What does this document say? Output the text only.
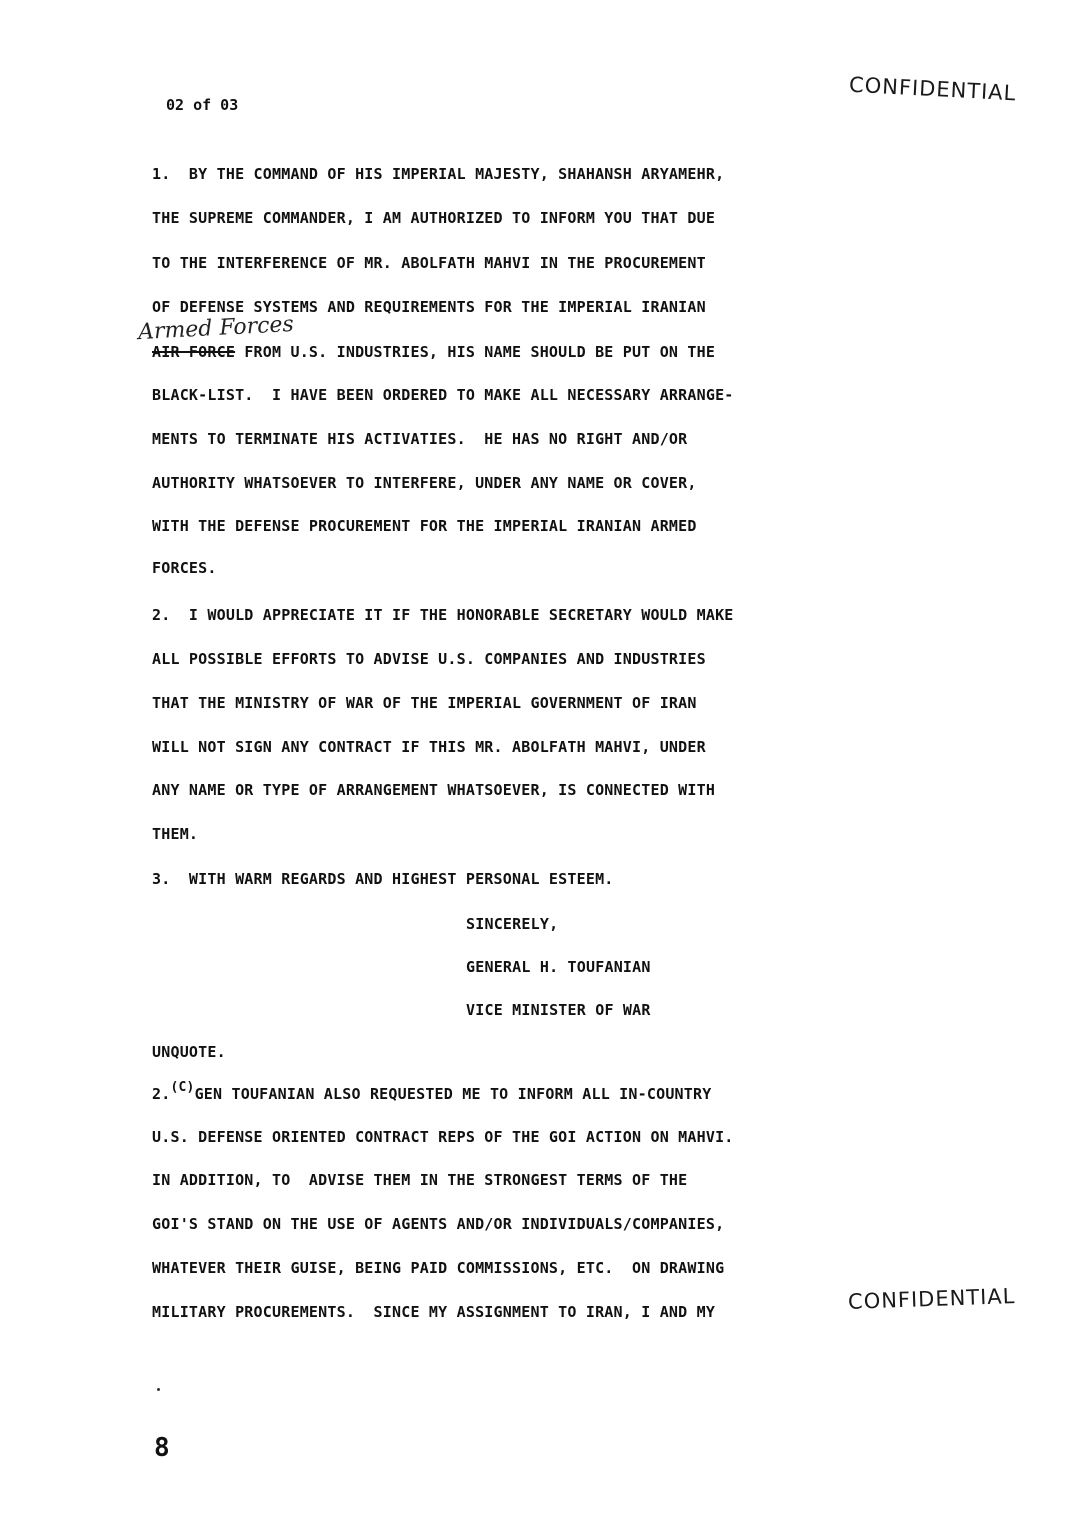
02 of 03	CONFIDENTIAL
1.  BY THE COMMAND OF HIS IMPERIAL MAJESTY, SHAHANSH ARYAMEHR,
THE SUPREME COMMANDER, I AM AUTHORIZED TO INFORM YOU THAT DUE
TO THE INTERFERENCE OF MR. ABOLFATH MAHVI IN THE PROCUREMENT
OF DEFENSE SYSTEMS AND REQUIREMENTS FOR THE IMPERIAL IRANIAN
Armed Forces
AIR FORCE FROM U.S. INDUSTRIES, HIS NAME SHOULD BE PUT ON THE
BLACK-LIST.  I HAVE BEEN ORDERED TO MAKE ALL NECESSARY ARRANGE-
MENTS TO TERMINATE HIS ACTIVATIES.  HE HAS NO RIGHT AND/OR
AUTHORITY WHATSOEVER TO INTERFERE, UNDER ANY NAME OR COVER,
WITH THE DEFENSE PROCUREMENT FOR THE IMPERIAL IRANIAN ARMED
FORCES.
2.  I WOULD APPRECIATE IT IF THE HONORABLE SECRETARY WOULD MAKE
ALL POSSIBLE EFFORTS TO ADVISE U.S. COMPANIES AND INDUSTRIES
THAT THE MINISTRY OF WAR OF THE IMPERIAL GOVERNMENT OF IRAN
WILL NOT SIGN ANY CONTRACT IF THIS MR. ABOLFATH MAHVI, UNDER
ANY NAME OR TYPE OF ARRANGEMENT WHATSOEVER, IS CONNECTED WITH
THEM.
3.  WITH WARM REGARDS AND HIGHEST PERSONAL ESTEEM.
SINCERELY,
GENERAL H. TOUFANIAN
VICE MINISTER OF WAR
UNQUOTE.
2.(C)GEN TOUFANIAN ALSO REQUESTED ME TO INFORM ALL IN-COUNTRY
U.S. DEFENSE ORIENTED CONTRACT REPS OF THE GOI ACTION ON MAHVI.
IN ADDITION, TO  ADVISE THEM IN THE STRONGEST TERMS OF THE
GOI'S STAND ON THE USE OF AGENTS AND/OR INDIVIDUALS/COMPANIES,
WHATEVER THEIR GUISE, BEING PAID COMMISSIONS, ETC.  ON DRAWING
MILITARY PROCUREMENTS.  SINCE MY ASSIGNMENT TO IRAN, I AND MY	CONFIDENTIAL
8
